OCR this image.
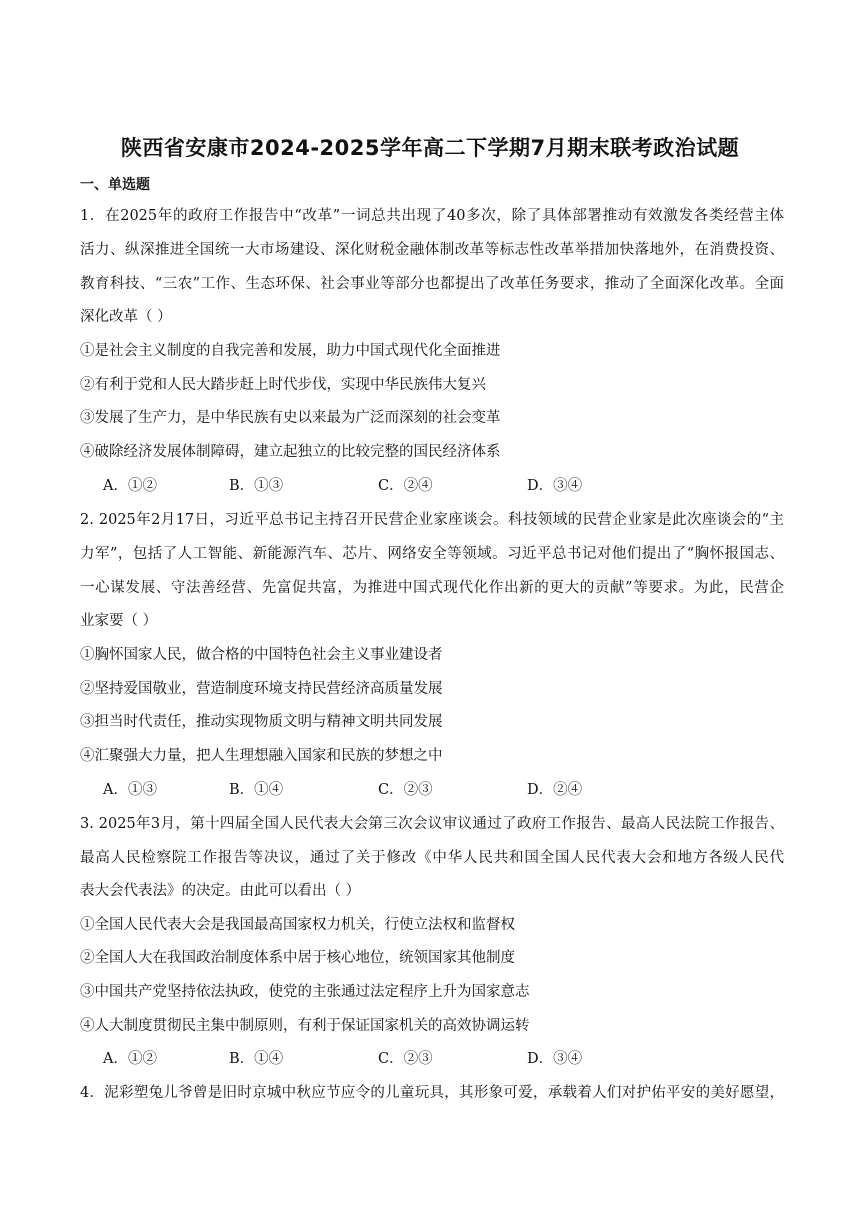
陕西省安康市2024-2025学年高二下学期7月期末联考政治试题
一、单选题
1．在2025年的政府工作报告中“改革”一词总共出现了40多次，除了具体部署推动有效激发各类经营主体
活力、纵深推进全国统一大市场建设、深化财税金融体制改革等标志性改革举措加快落地外，在消费投资、
教育科技、“三农”工作、生态环保、社会事业等部分也都提出了改革任务要求，推动了全面深化改革。全面
深化改革（ ）
①是社会主义制度的自我完善和发展，助力中国式现代化全面推进
②有利于党和人民大踏步赶上时代步伐，实现中华民族伟大复兴
③发展了生产力，是中华民族有史以来最为广泛而深刻的社会变革
④破除经济发展体制障碍，建立起独立的比较完整的国民经济体系
A．①②	B．①③	C．②④	D．③④
2. 2025年2月17日，习近平总书记主持召开民营企业家座谈会。科技领域的民营企业家是此次座谈会的“主
力军”，包括了人工智能、新能源汽车、芯片、网络安全等领域。习近平总书记对他们提出了“胸怀报国志、
一心谋发展、守法善经营、先富促共富，为推进中国式现代化作出新的更大的贡献”等要求。为此，民营企
业家要（ ）
①胸怀国家人民，做合格的中国特色社会主义事业建设者
②坚持爱国敬业，营造制度环境支持民营经济高质量发展
③担当时代责任，推动实现物质文明与精神文明共同发展
④汇聚强大力量，把人生理想融入国家和民族的梦想之中
A．①③	B．①④	C．②③	D．②④
3. 2025年3月，第十四届全国人民代表大会第三次会议审议通过了政府工作报告、最高人民法院工作报告、
最高人民检察院工作报告等决议，通过了关于修改《中华人民共和国全国人民代表大会和地方各级人民代
表大会代表法》的决定。由此可以看出（ ）
①全国人民代表大会是我国最高国家权力机关，行使立法权和监督权
②全国人大在我国政治制度体系中居于核心地位，统领国家其他制度
③中国共产党坚持依法执政，使党的主张通过法定程序上升为国家意志
④人大制度贯彻民主集中制原则，有利于保证国家机关的高效协调运转
A．①②	B．①④	C．②③	D．③④
4．泥彩塑兔儿爷曾是旧时京城中秋应节应令的儿童玩具，其形象可爱，承载着人们对护佑平安的美好愿望，
